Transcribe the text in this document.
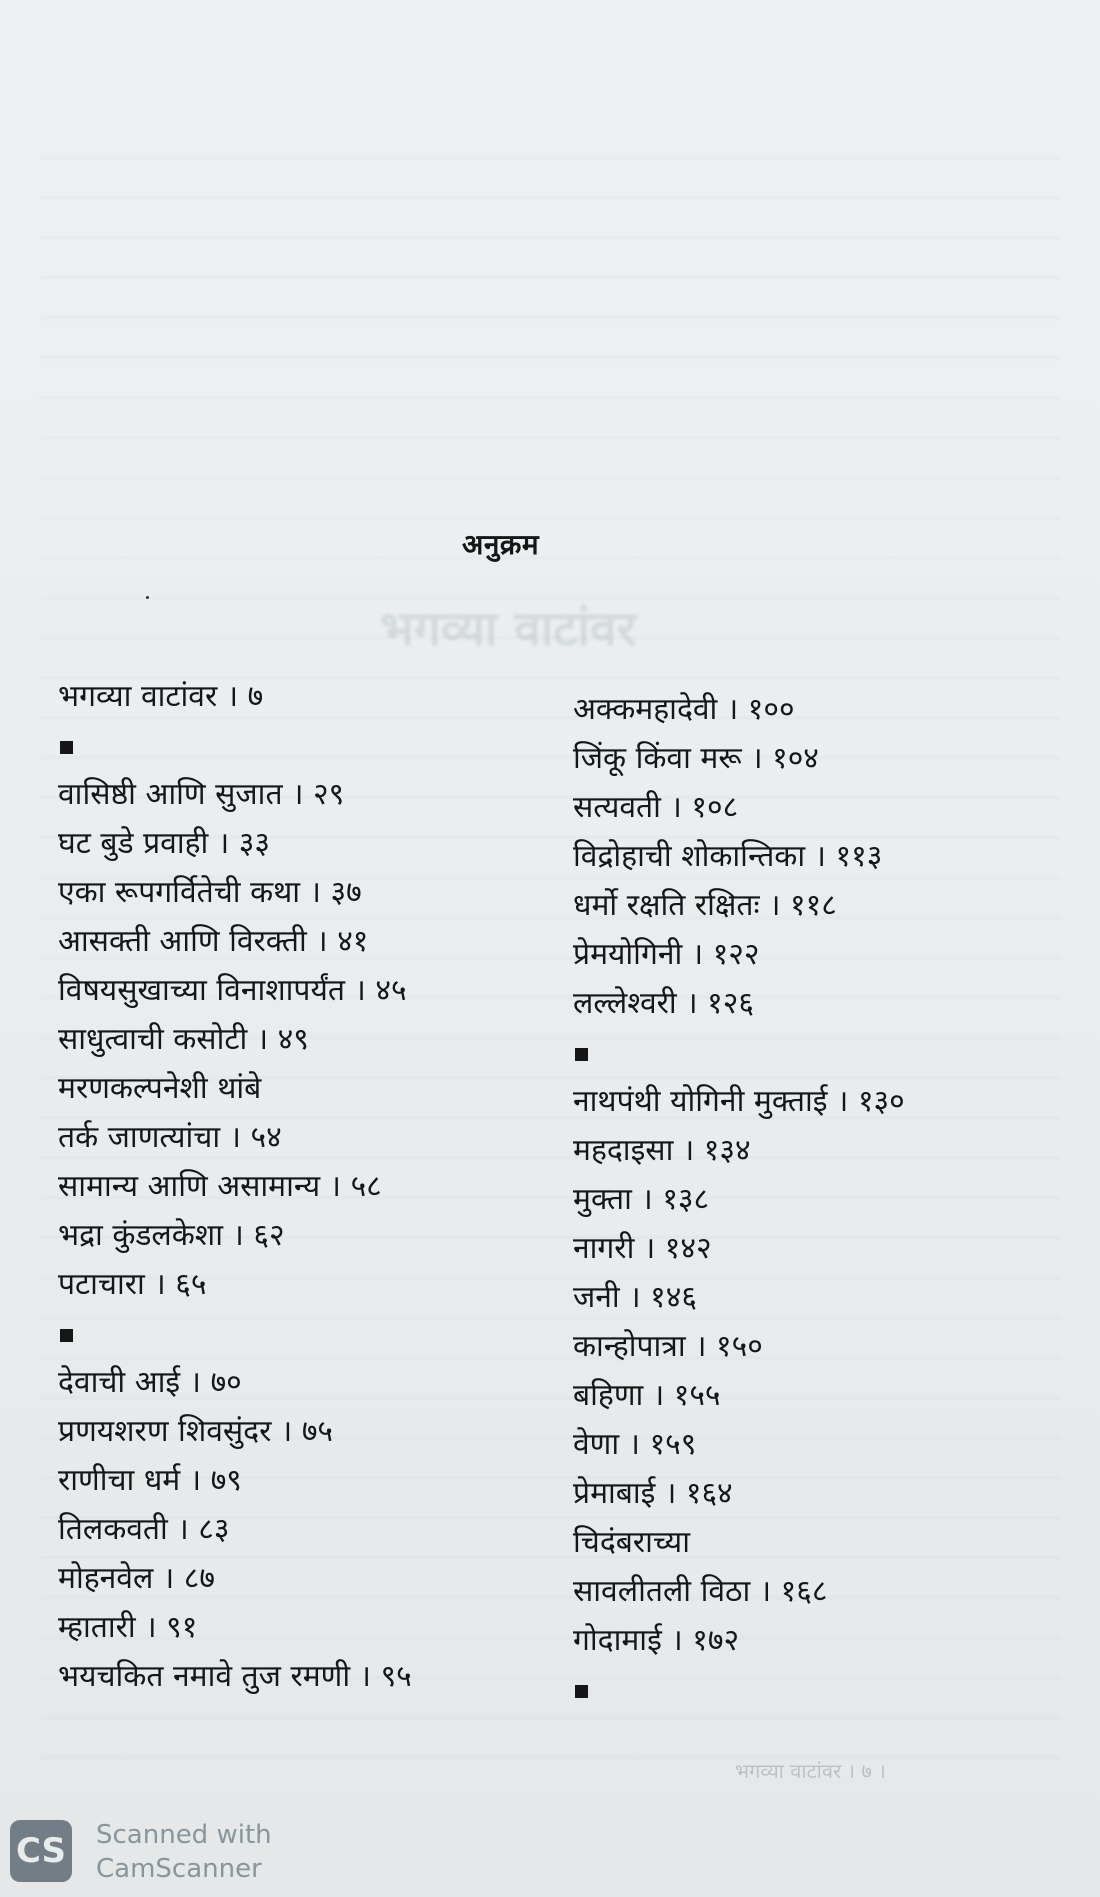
भगव्या वाटांवर
अनुक्रम
भगव्या वाटांवर । ७
वासिष्ठी आणि सुजात । २९
घट बुडे प्रवाही । ३३
एका रूपगर्वितेची कथा । ३७
आसक्ती आणि विरक्ती । ४१
विषयसुखाच्या विनाशापर्यंत । ४५
साधुत्वाची कसोटी । ४९
मरणकल्पनेशी थांबे
तर्क जाणत्यांचा । ५४
सामान्य आणि असामान्य । ५८
भद्रा कुंडलकेशा । ६२
पटाचारा । ६५
देवाची आई । ७०
प्रणयशरण शिवसुंदर । ७५
राणीचा धर्म । ७९
तिलकवती । ८३
मोहनवेल । ८७
म्हातारी । ९१
भयचकित नमावे तुज रमणी । ९५
अक्कमहादेवी । १००
जिंकू किंवा मरू । १०४
सत्यवती । १०८
विद्रोहाची शोकान्तिका । ११३
धर्मो रक्षति रक्षितः । ११८
प्रेमयोगिनी । १२२
लल्लेश्वरी । १२६
नाथपंथी योगिनी मुक्ताई । १३०
महदाइसा । १३४
मुक्ता । १३८
नागरी । १४२
जनी । १४६
कान्होपात्रा । १५०
बहिणा । १५५
वेणा । १५९
प्रेमाबाई । १६४
चिदंबराच्या
सावलीतली विठा । १६८
गोदामाई । १७२
भगव्या वाटांवर । ७ ।
CS Scanned with
CamScanner
